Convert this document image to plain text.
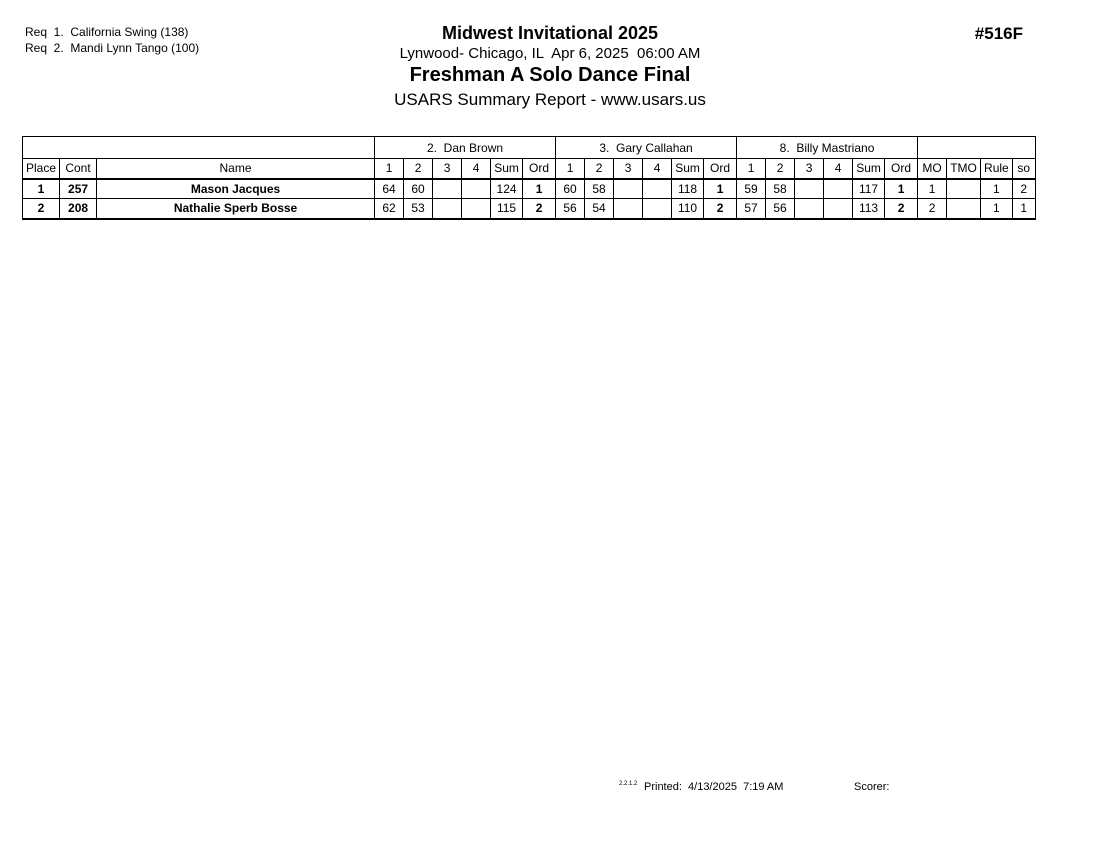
Req  1.  California Swing (138)
Req  2.  Mandi Lynn Tango (100)
Midwest Invitational 2025
Lynwood- Chicago, IL  Apr 6, 2025  06:00 AM
Freshman A Solo Dance Final
USARS Summary Report - www.usars.us
#516F
			2.  Dan Brown						3.  Gary Callahan						8.  Billy Mastriano									
Place	Cont	Name	1	2	3	4	Sum	Ord	1	2	3	4	Sum	Ord	1	2	3	4	Sum	Ord	MO	TMO	Rule	so
1	257	Mason Jacques	64	60			124	1	60	58			118	1	59	58			117	1	1		1	2
2	208	Nathalie Sperb Bosse	62	53			115	2	56	54			110	2	57	56			113	2	2		1	1
2.2.1.2 Printed:  4/13/2025  7:19 AM	Scorer:
